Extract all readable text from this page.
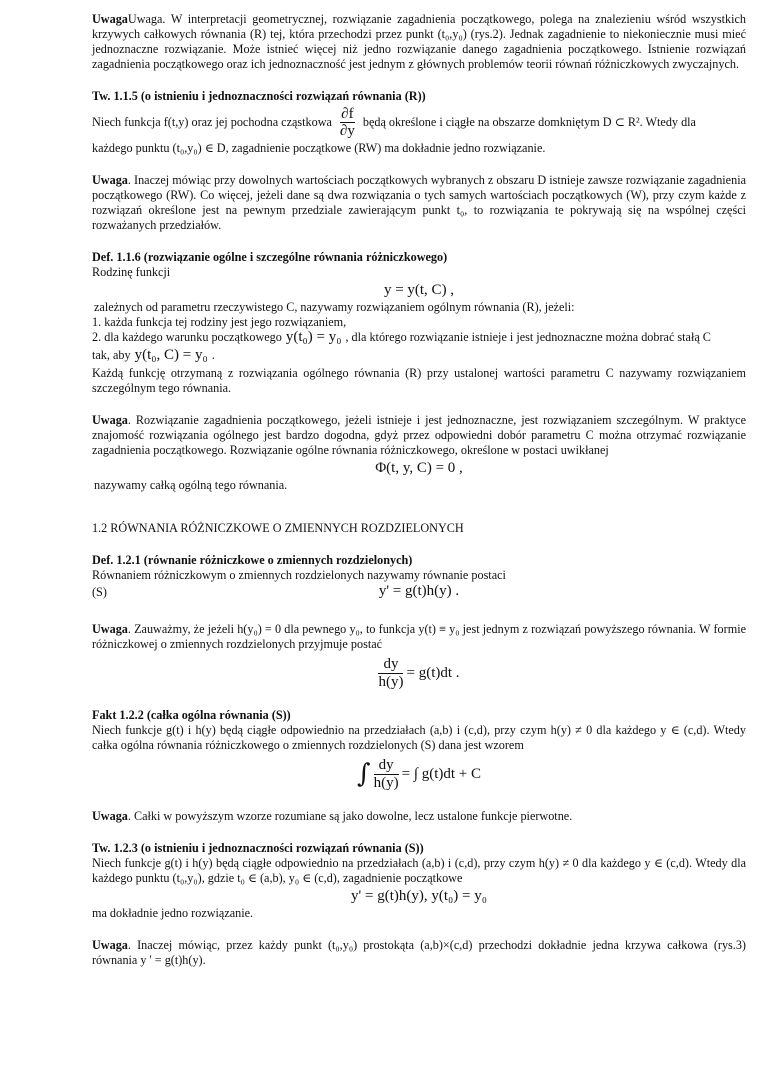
UwagaUwaga. W interpretacji geometrycznej, rozwiązanie zagadnienia początkowego, polega na znalezieniu wśród wszystkich krzywych całkowych równania (R) tej, która przechodzi przez punkt (t₀,y₀) (rys.2). Jednak zagadnienie to niekoniecznie musi mieć jednoznaczne rozwiązanie. Może istnieć więcej niż jedno rozwiązanie danego zagadnienia początkowego. Istnienie rozwiązań zagadnienia początkowego oraz ich jednoznaczność jest jednym z głównych problemów teorii równań różniczkowych zwyczajnych.

Tw. 1.1.5 (o istnieniu i jednoznaczności rozwiązań równania (R))

Niech funkcja f(t,y) oraz jej pochodna cząstkowa $\frac{\partial f}{\partial y}$ będą określone i ciągłe na obszarze domkniętym D ⊂ R². Wtedy dla

każdego punktu (t₀,y₀) ∈ D, zagadnienie początkowe (RW) ma dokładnie jedno rozwiązanie.

Uwaga. Inaczej mówiąc przy dowolnych wartościach początkowych wybranych z obszaru D istnieje zawsze rozwiązanie zagadnienia początkowego (RW). Co więcej, jeżeli dane są dwa rozwiązania o tych samych wartościach początkowych (W), przy czym każde z rozwiązań określone jest na pewnym przedziale zawierającym punkt t₀, to rozwiązania te pokrywają się na wspólnej części rozważanych przedziałów.

Def. 1.1.6 (rozwiązanie ogólne i szczególne równania różniczkowego)

Rodzinę funkcji

y = y(t, C) ,

zależnych od parametru rzeczywistego C, nazywamy rozwiązaniem ogólnym równania (R), jeżeli:

1. każda funkcja tej rodziny jest jego rozwiązaniem,

2. dla każdego warunku początkowego y(t₀) = y₀ , dla którego rozwiązanie istnieje i jest jednoznaczne można dobrać stałą C
tak, aby y(t₀, C) = y₀ .

Każdą funkcję otrzymaną z rozwiązania ogólnego równania (R) przy ustalonej wartości parametru C nazywamy rozwiązaniem szczególnym tego równania.

Uwaga. Rozwiązanie zagadnienia początkowego, jeżeli istnieje i jest jednoznaczne, jest rozwiązaniem szczególnym. W praktyce znajomość rozwiązania ogólnego jest bardzo dogodna, gdyż przez odpowiedni dobór parametru C można otrzymać rozwiązanie zagadnienia początkowego. Rozwiązanie ogólne równania różniczkowego, określone w postaci uwikłanej

Φ(t, y, C) = 0 ,

nazywamy całką ogólną tego równania.

1.2 RÓWNANIA RÓŻNICZKOWE O ZMIENNYCH ROZDZIELONYCH

Def. 1.2.1 (równanie różniczkowe o zmiennych rozdzielonych)

Równaniem różniczkowym o zmiennych rozdzielonych nazywamy równanie postaci

(S)	y' = g(t)h(y) .

Uwaga. Zauważmy, że jeżeli h(y₀) = 0 dla pewnego y₀, to funkcja y(t) ≡ y₀ jest jednym z rozwiązań powyższego równania. W formie różniczkowej o zmiennych rozdzielonych przyjmuje postać

$\frac{dy}{h(y)} = g(t)dt$ .

Fakt 1.2.2 (całka ogólna równania (S))

Niech funkcje g(t) i h(y) będą ciągłe odpowiednio na przedziałach (a,b) i (c,d), przy czym h(y) ≠ 0 dla każdego y ∈ (c,d). Wtedy całka ogólna równania różniczkowego o zmiennych rozdzielonych (S) dana jest wzorem

∫ $\frac{dy}{h(y)}$ = ∫ g(t)dt + C

Uwaga. Całki w powyższym wzorze rozumiane są jako dowolne, lecz ustalone funkcje pierwotne.

Tw. 1.2.3 (o istnieniu i jednoznaczności rozwiązań równania (S))

Niech funkcje g(t) i h(y) będą ciągłe odpowiednio na przedziałach (a,b) i (c,d), przy czym h(y) ≠ 0 dla każdego y ∈ (c,d). Wtedy dla każdego punktu (t₀,y₀), gdzie t₀ ∈ (a,b), y₀ ∈ (c,d), zagadnienie początkowe

y' = g(t)h(y), y(t₀) = y₀

ma dokładnie jedno rozwiązanie.

Uwaga. Inaczej mówiąc, przez każdy punkt (t₀,y₀) prostokąta (a,b)×(c,d) przechodzi dokładnie jedna krzywa całkowa (rys.3) równania y ' = g(t)h(y).
